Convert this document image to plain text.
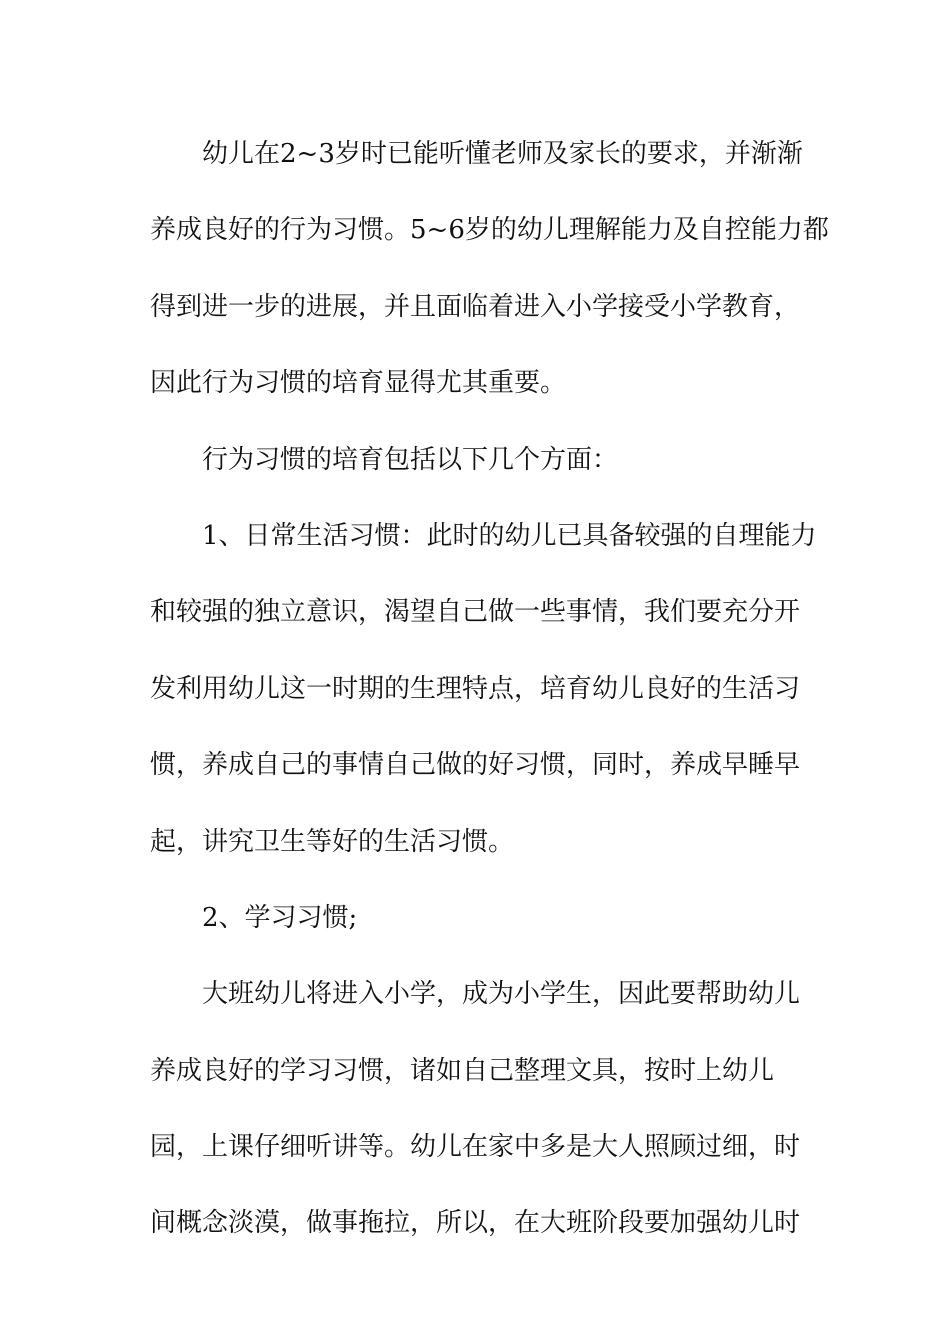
幼儿在2~3岁时已能听懂老师及家长的要求，并渐渐
养成良好的行为习惯。5~6岁的幼儿理解能力及自控能力都
得到进一步的进展，并且面临着进入小学接受小学教育，
因此行为习惯的培育显得尤其重要。
行为习惯的培育包括以下几个方面：
1、日常生活习惯：此时的幼儿已具备较强的自理能力
和较强的独立意识，渴望自己做一些事情，我们要充分开
发利用幼儿这一时期的生理特点，培育幼儿良好的生活习
惯，养成自己的事情自己做的好习惯，同时，养成早睡早
起，讲究卫生等好的生活习惯。
2、学习习惯;
大班幼儿将进入小学，成为小学生，因此要帮助幼儿
养成良好的学习习惯，诸如自己整理文具，按时上幼儿
园，上课仔细听讲等。幼儿在家中多是大人照顾过细，时
间概念淡漠，做事拖拉，所以，在大班阶段要加强幼儿时
